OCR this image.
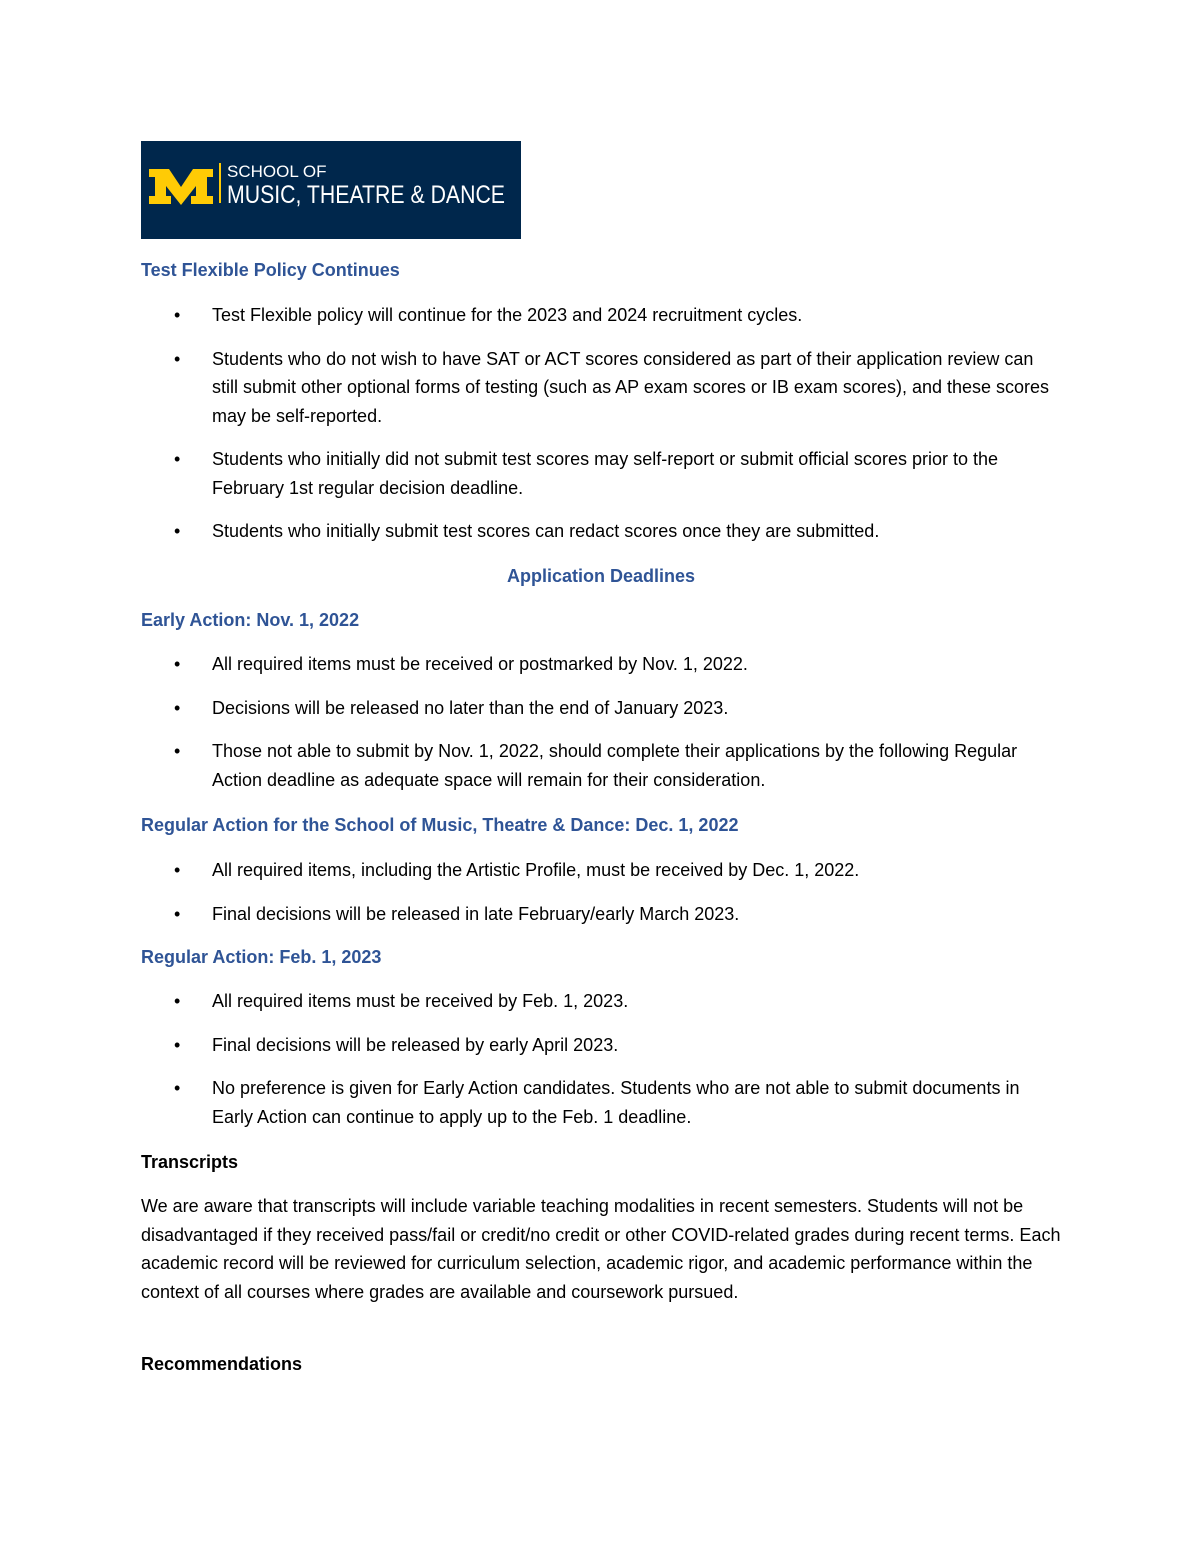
SCHOOL OF
MUSIC, THEATRE & DANCE

Test Flexible Policy Continues

• Test Flexible policy will continue for the 2023 and 2024 recruitment cycles.
• Students who do not wish to have SAT or ACT scores considered as part of their application review can still submit other optional forms of testing (such as AP exam scores or IB exam scores), and these scores may be self-reported.
• Students who initially did not submit test scores may self-report or submit official scores prior to the February 1st regular decision deadline.
• Students who initially submit test scores can redact scores once they are submitted.

Application Deadlines

Early Action: Nov. 1, 2022

• All required items must be received or postmarked by Nov. 1, 2022.
• Decisions will be released no later than the end of January 2023.
• Those not able to submit by Nov. 1, 2022, should complete their applications by the following Regular Action deadline as adequate space will remain for their consideration.

Regular Action for the School of Music, Theatre & Dance: Dec. 1, 2022

• All required items, including the Artistic Profile, must be received by Dec. 1, 2022.
• Final decisions will be released in late February/early March 2023.

Regular Action: Feb. 1, 2023

• All required items must be received by Feb. 1, 2023.
• Final decisions will be released by early April 2023.
• No preference is given for Early Action candidates. Students who are not able to submit documents in Early Action can continue to apply up to the Feb. 1 deadline.

Transcripts

We are aware that transcripts will include variable teaching modalities in recent semesters. Students will not be disadvantaged if they received pass/fail or credit/no credit or other COVID-related grades during recent terms. Each academic record will be reviewed for curriculum selection, academic rigor, and academic performance within the context of all courses where grades are available and coursework pursued.

Recommendations
